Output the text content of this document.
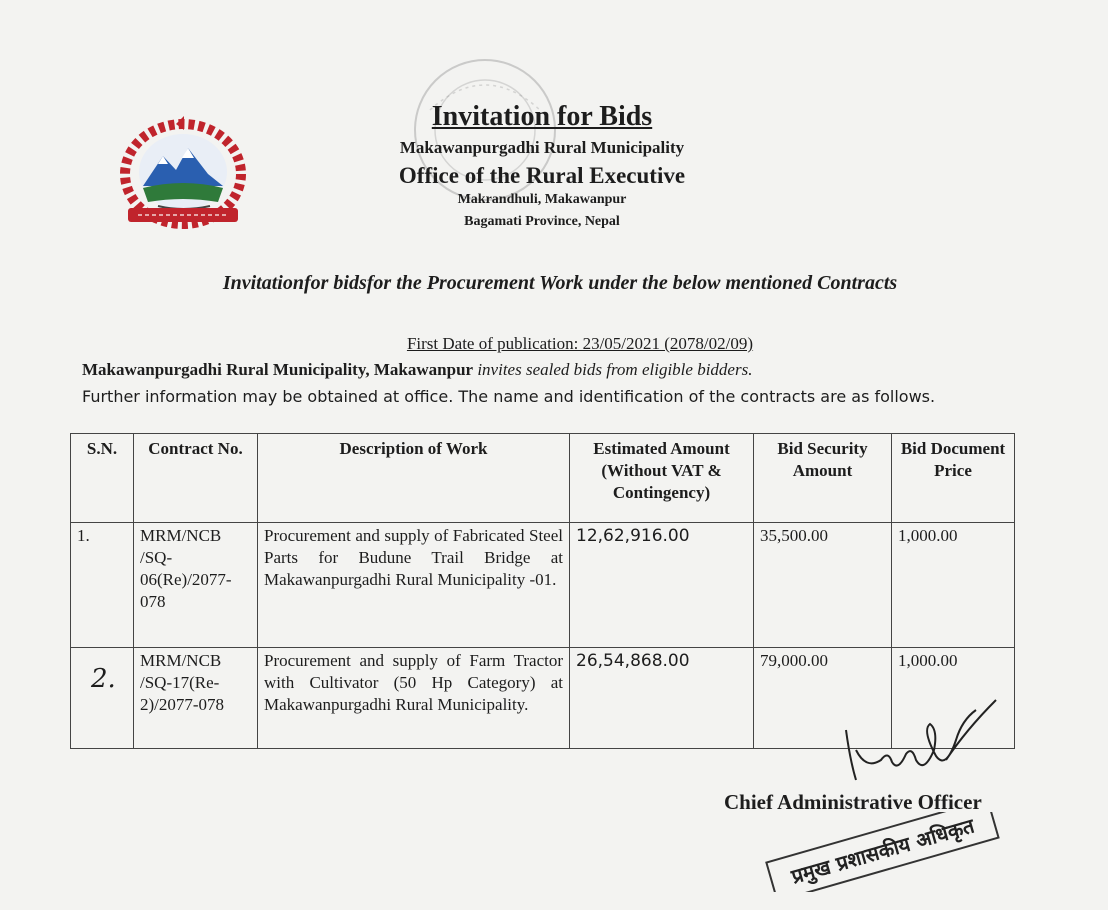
Invitation for Bids
Makawanpurgadhi Rural Municipality
Office of the Rural Executive
Makrandhuli, Makawanpur
Bagamati Province, Nepal
Invitationfor bidsfor the Procurement Work under the below mentioned Contracts
First Date of publication: 23/05/2021 (2078/02/09)
Makawanpurgadhi Rural Municipality, Makawanpur invites sealed bids from eligible bidders.
Further information may be obtained at office. The name and identification of the contracts are as follows.
S.N.	Contract No.	Description of Work	Estimated Amount (Without VAT & Contingency)	Bid Security Amount	Bid Document Price
1.	MRM/NCB /SQ-06(Re)/2077-078	Procurement and supply of Fabricated Steel Parts for Budune Trail Bridge at Makawanpurgadhi Rural Municipality -01.	12,62,916.00	35,500.00	1,000.00

2.	MRM/NCB /SQ-17(Re-2)/2077-078	Procurement and supply of Farm Tractor with Cultivator (50 Hp Category) at Makawanpurgadhi Rural Municipality.	26,54,868.00	79,000.00	1,000.00
Chief Administrative Officer
प्रमुख प्रशासकीय अधिकृत
